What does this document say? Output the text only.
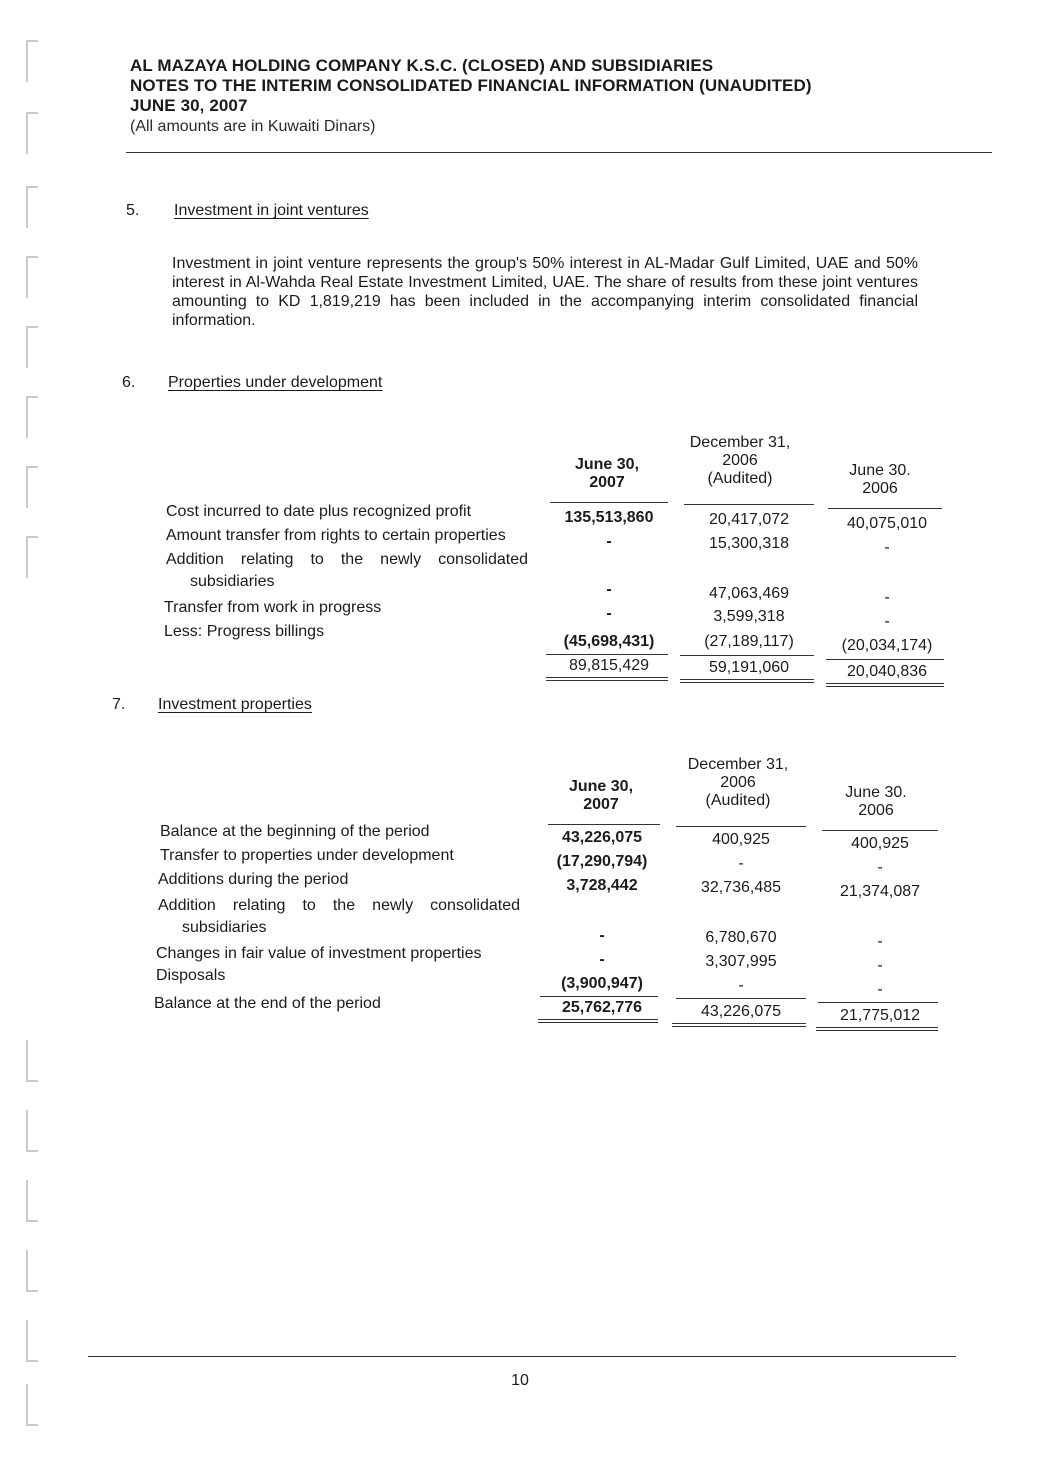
AL MAZAYA HOLDING COMPANY K.S.C. (CLOSED) AND SUBSIDIARIES
NOTES TO THE INTERIM CONSOLIDATED FINANCIAL INFORMATION (UNAUDITED)
JUNE 30, 2007
(All amounts are in Kuwaiti Dinars)
5. Investment in joint ventures
Investment in joint venture represents the group's 50% interest in AL-Madar Gulf Limited, UAE and 50% interest in Al-Wahda Real Estate Investment Limited, UAE. The share of results from these joint ventures amounting to KD 1,819,219 has been included in the accompanying interim consolidated financial information.
6. Properties under development
June 30,
2007
December 31,
2006
(Audited)	June 30.
2006
Cost incurred to date plus recognized profit
Amount transfer from rights to certain properties
Addition relating to the newly consolidated
subsidiaries
Transfer from work in progress
Less: Progress billings
135,513,860
-
-
-
(45,698,431)
89,815,429
20,417,072
15,300,318
47,063,469
3,599,318
(27,189,117)
59,191,060
40,075,010
-
-
-
(20,034,174)
20,040,836
7. Investment properties
June 30,
2007
December 31,
2006
(Audited)	June 30.
2006
Balance at the beginning of the period
Transfer to properties under development
Additions during the period
Addition relating to the newly consolidated
subsidiaries
Changes in fair value of investment properties
Disposals
Balance at the end of the period
43,226,075
(17,290,794)
3,728,442
-
-
(3,900,947)
25,762,776
400,925
-
32,736,485
6,780,670
3,307,995
-
43,226,075
400,925
-
21,374,087
-
-
-
21,775,012
10
